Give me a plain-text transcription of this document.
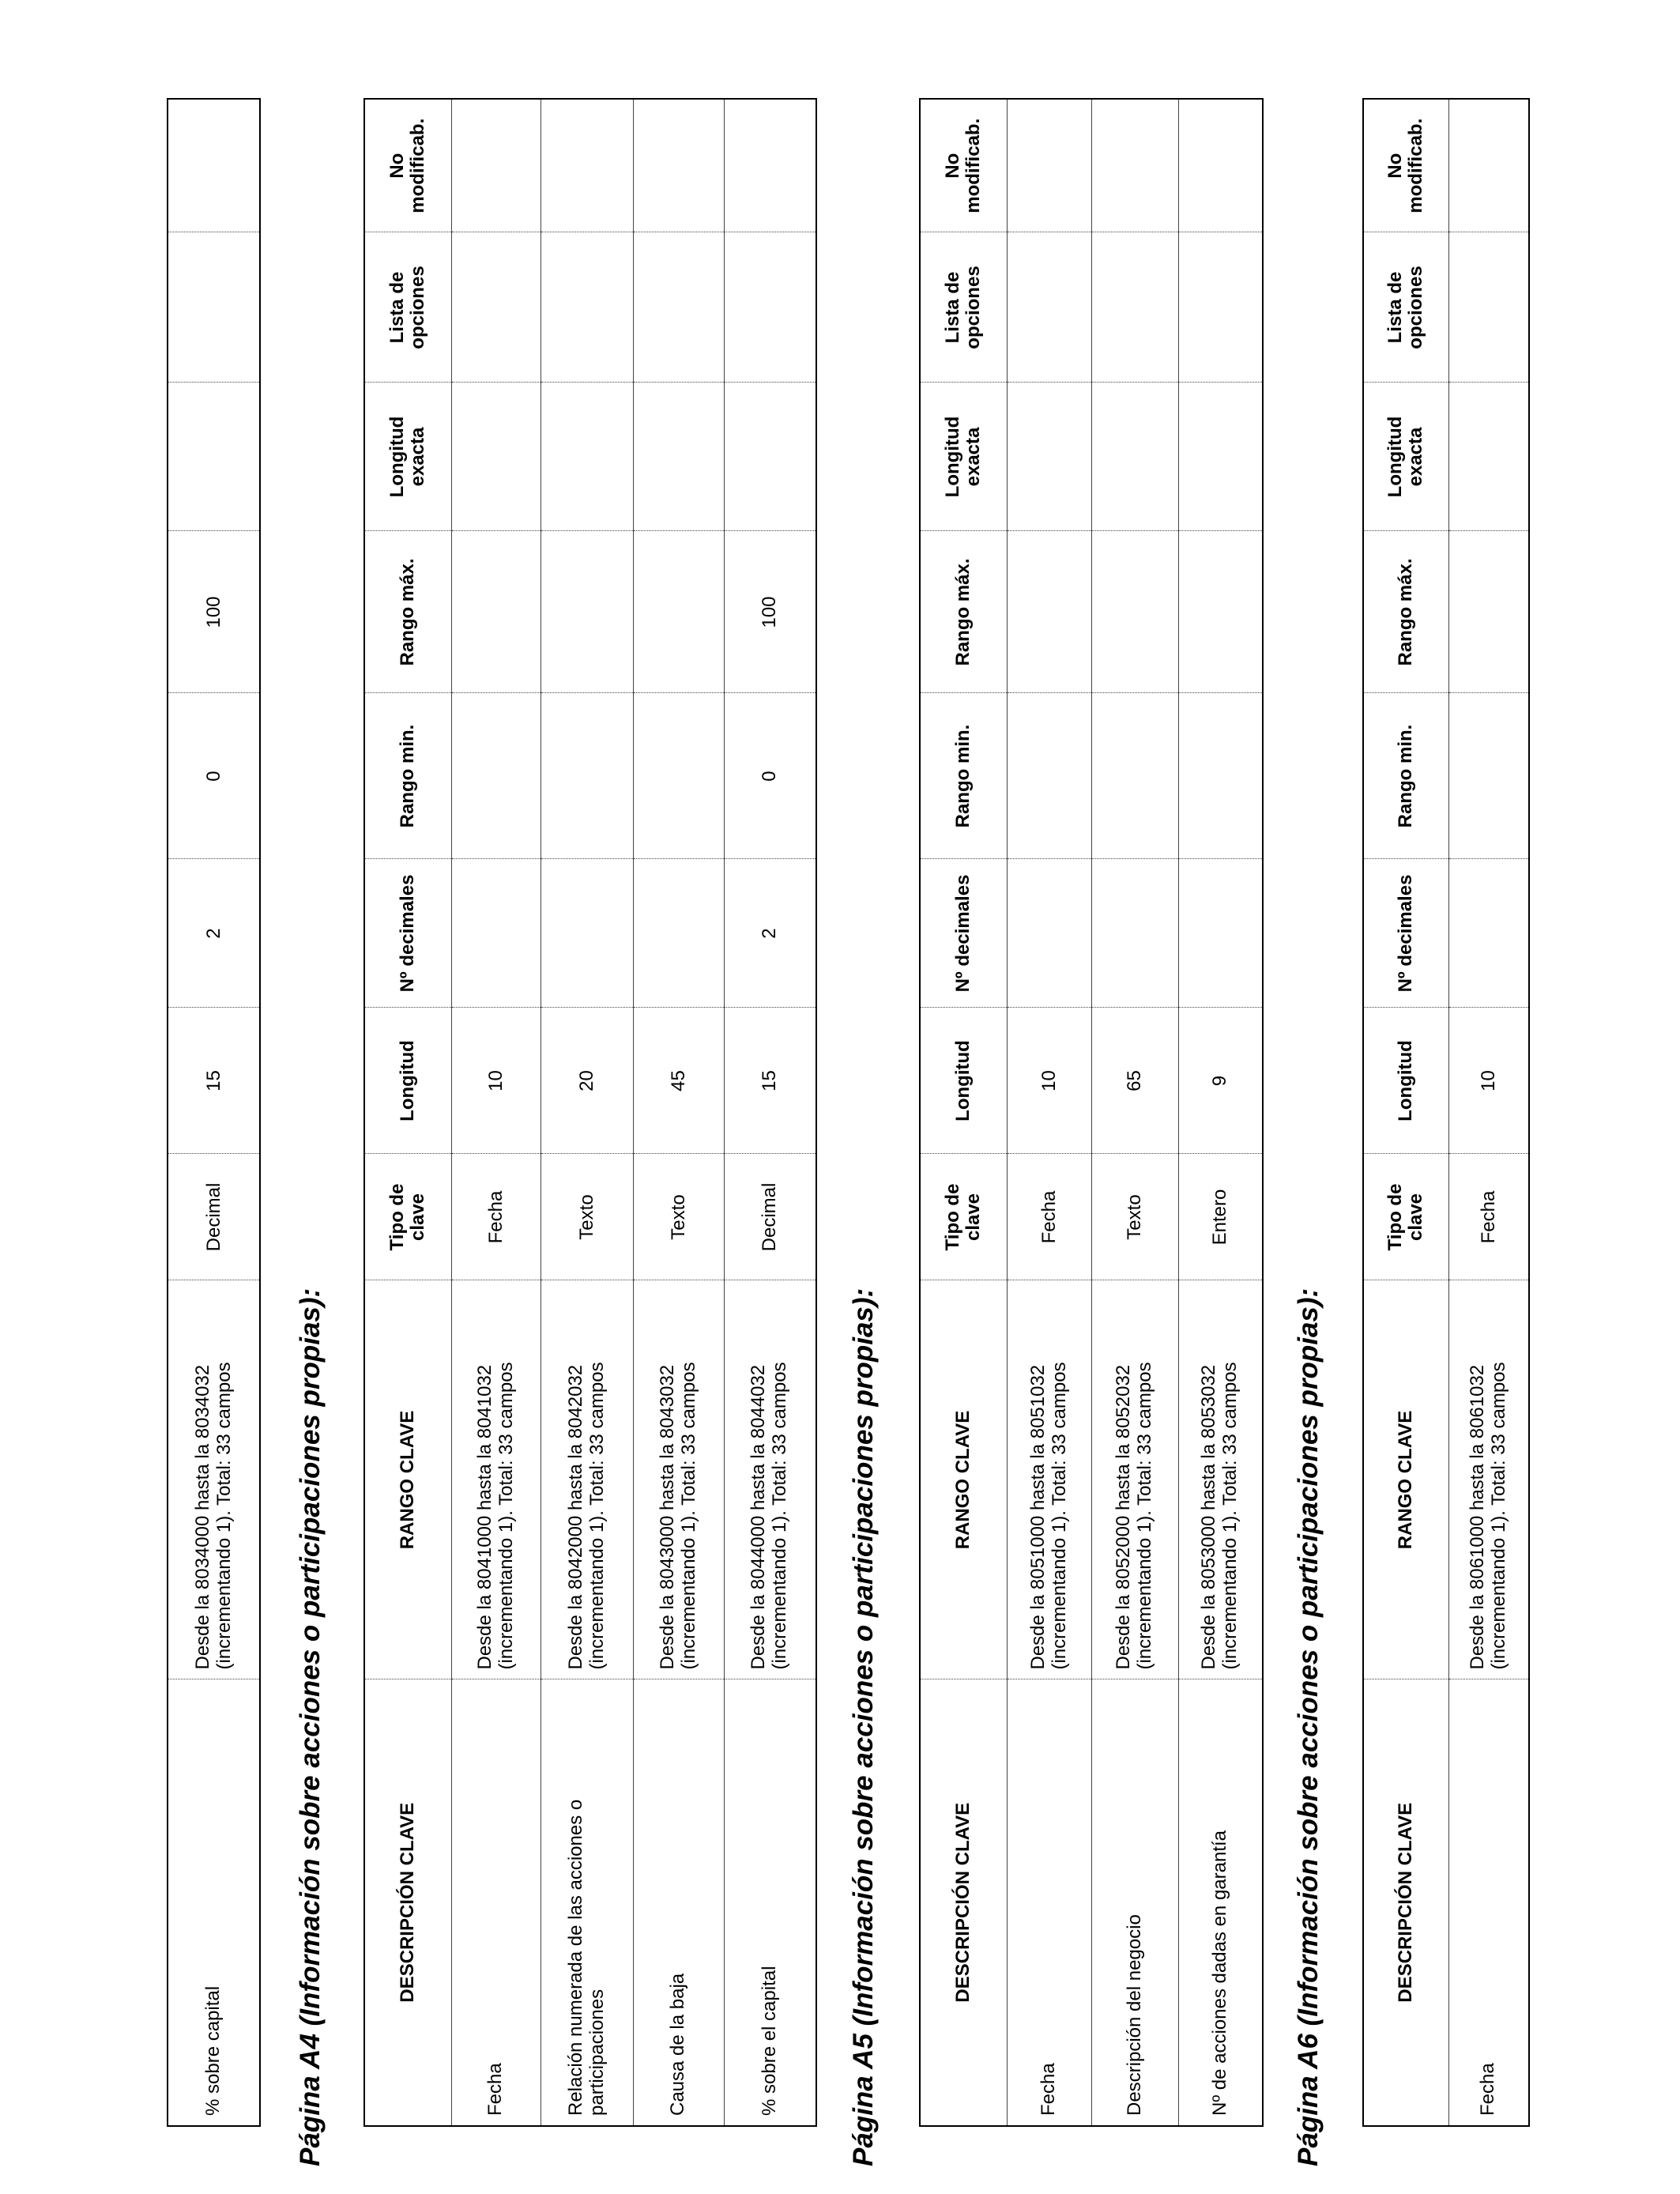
% sobre capital	Desde la 8034000 hasta la 8034032 (incrementando 1). Total: 33 campos	Decimal	15	2	0	100			
Página A4 (Información sobre acciones o participaciones propias):	DESCRIPCIÓN CLAVE	RANGO CLAVE	Tipo de clave	Longitud	Nº decimales	Rango min.	Rango máx.	Longitud exacta	Lista de opciones	No modificab.
Fecha	Desde la 8041000 hasta la 8041032 (incrementando 1). Total: 33 campos	Fecha	10						
Relación numerada de las acciones o participaciones	Desde la 8042000 hasta la 8042032 (incrementando 1). Total: 33 campos	Texto	20						
Causa de la baja	Desde la 8043000 hasta la 8043032 (incrementando 1). Total: 33 campos	Texto	45						
% sobre el capital	Desde la 8044000 hasta la 8044032 (incrementando 1). Total: 33 campos	Decimal	15	2	0	100			
Página A5 (Información sobre acciones o participaciones propias):	DESCRIPCIÓN CLAVE	RANGO CLAVE	Tipo de clave	Longitud	Nº decimales	Rango min.	Rango máx.	Longitud exacta	Lista de opciones	No modificab.
Fecha	Desde la 8051000 hasta la 8051032 (incrementando 1). Total: 33 campos	Fecha	10						
Descripción del negocio	Desde la 8052000 hasta la 8052032 (incrementando 1). Total: 33 campos	Texto	65						
Nº de acciones dadas en garantía	Desde la 8053000 hasta la 8053032 (incrementando 1). Total: 33 campos	Entero	9						
Página A6 (Información sobre acciones o participaciones propias):	DESCRIPCIÓN CLAVE	RANGO CLAVE	Tipo de clave	Longitud	Nº decimales	Rango min.	Rango máx.	Longitud exacta	Lista de opciones	No modificab.
Fecha	Desde la 8061000 hasta la 8061032 (incrementando 1). Total: 33 campos	Fecha	10						
